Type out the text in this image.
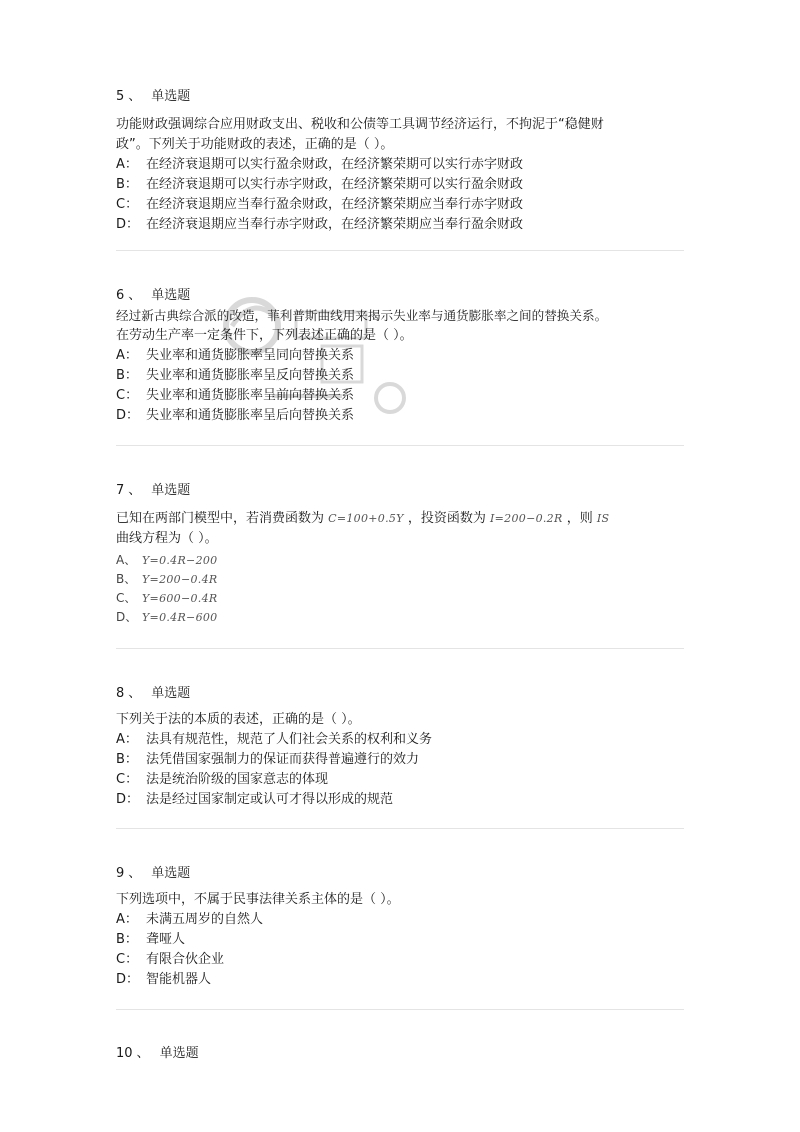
5 、 单选题
功能财政强调综合应用财政支出、税收和公债等工具调节经济运行，不拘泥于“稳健财
政”。下列关于功能财政的表述，正确的是（ ）。
A： 在经济衰退期可以实行盈余财政，在经济繁荣期可以实行赤字财政
B： 在经济衰退期可以实行赤字财政，在经济繁荣期可以实行盈余财政
C： 在经济衰退期应当奉行盈余财政，在经济繁荣期应当奉行赤字财政
D： 在经济衰退期应当奉行赤字财政，在经济繁荣期应当奉行盈余财政
6 、 单选题
经过新古典综合派的改造，菲利普斯曲线用来揭示失业率与通货膨胀率之间的替换关系。
在劳动生产率一定条件下，下列表述正确的是（ ）。
A： 失业率和通货膨胀率呈同向替换关系
B： 失业率和通货膨胀率呈反向替换关系
C： 失业率和通货膨胀率呈前向替换关系
D： 失业率和通货膨胀率呈后向替换关系
7 、 单选题
已知在两部门模型中，若消费函数为 C=100+0.5Y ，投资函数为 I=200−0.2R ，则 IS
曲线方程为（ ）。
A、 Y=0.4R−200
B、 Y=200−0.4R
C、 Y=600−0.4R
D、 Y=0.4R−600
8 、 单选题
下列关于法的本质的表述，正确的是（ ）。
A： 法具有规范性，规范了人们社会关系的权利和义务
B： 法凭借国家强制力的保证而获得普遍遵行的效力
C： 法是统治阶级的国家意志的体现
D： 法是经过国家制定或认可才得以形成的规范
9 、 单选题
下列选项中，不属于民事法律关系主体的是（ ）。
A： 未满五周岁的自然人
B： 聋哑人
C： 有限合伙企业
D： 智能机器人
10 、 单选题
